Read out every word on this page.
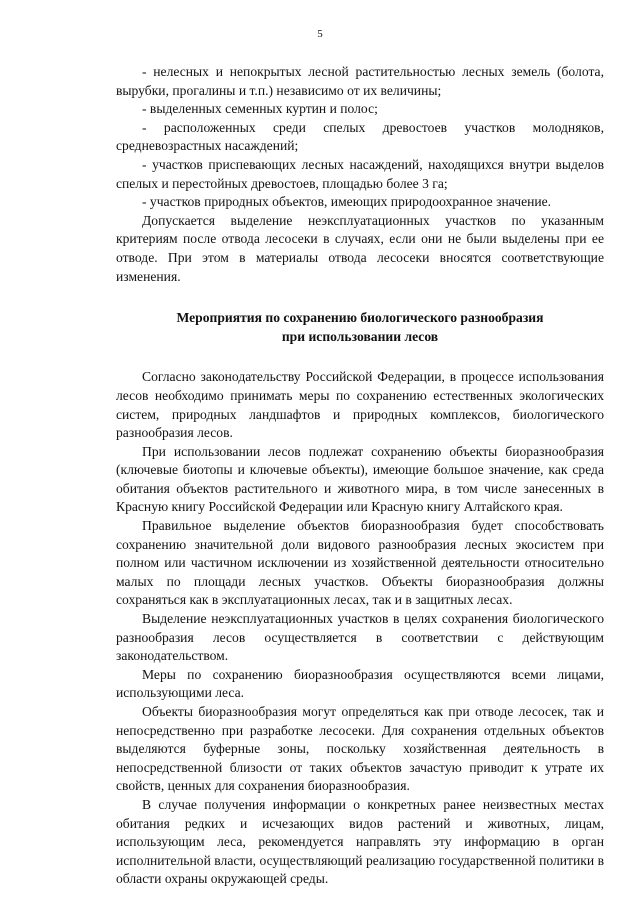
5

- нелесных и непокрытых лесной растительностью лесных земель (болота, вырубки, прогалины и т.п.) независимо от их величины;

- выделенных семенных куртин и полос;

- расположенных среди спелых древостоев участков молодняков, средневозрастных насаждений;

- участков приспевающих лесных насаждений, находящихся внутри выделов спелых и перестойных древостоев, площадью более 3 га;

- участков природных объектов, имеющих природоохранное значение.

Допускается выделение неэксплуатационных участков по указанным критериям после отвода лесосеки в случаях, если они не были выделены при ее отводе. При этом в материалы отвода лесосеки вносятся соответствующие изменения.

Мероприятия по сохранению биологического разнообразия
при использовании лесов

Согласно законодательству Российской Федерации, в процессе использования лесов необходимо принимать меры по сохранению естественных экологических систем, природных ландшафтов и природных комплексов, биологического разнообразия лесов.

При использовании лесов подлежат сохранению объекты биоразнообразия (ключевые биотопы и ключевые объекты), имеющие большое значение, как среда обитания объектов растительного и животного мира, в том числе занесенных в Красную книгу Российской Федерации или Красную книгу Алтайского края.

Правильное выделение объектов биоразнообразия будет способствовать сохранению значительной доли видового разнообразия лесных экосистем при полном или частичном исключении из хозяйственной деятельности относительно малых по площади лесных участков. Объекты биоразнообразия должны сохраняться как в эксплуатационных лесах, так и в защитных лесах.

Выделение неэксплуатационных участков в целях сохранения биологического разнообразия лесов осуществляется в соответствии с действующим законодательством.

Меры по сохранению биоразнообразия осуществляются всеми лицами, использующими леса.

Объекты биоразнообразия могут определяться как при отводе лесосек, так и непосредственно при разработке лесосеки. Для сохранения отдельных объектов выделяются буферные зоны, поскольку хозяйственная деятельность в непосредственной близости от таких объектов зачастую приводит к утрате их свойств, ценных для сохранения биоразнообразия.

В случае получения информации о конкретных ранее неизвестных местах обитания редких и исчезающих видов растений и животных, лицам, использующим леса, рекомендуется направлять эту информацию в орган исполнительной власти, осуществляющий реализацию государственной политики в области охраны окружающей среды.
